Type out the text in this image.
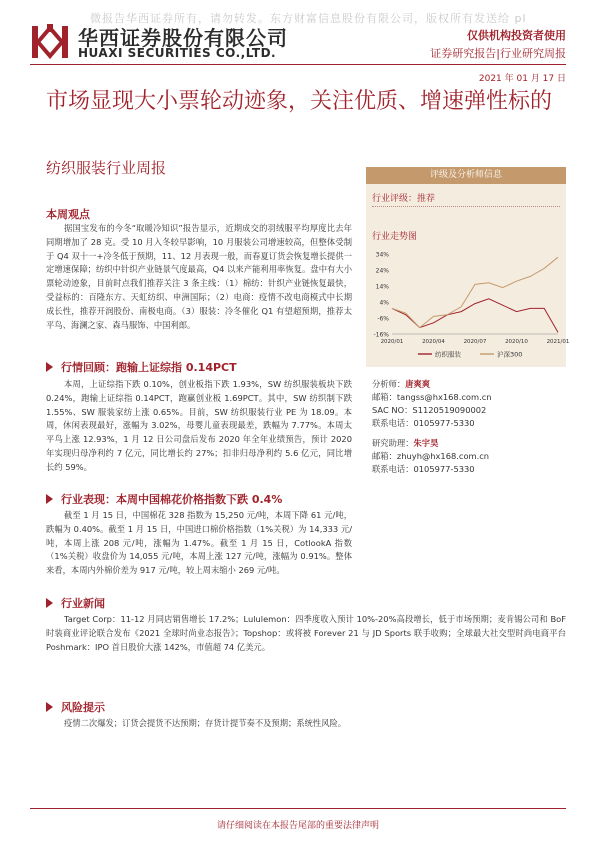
微报告华西证券所有，请勿转发。东方财富信息股份有限公司，版权所有发送给 pl
华西证券股份有限公司
HUAXI SECURITIES CO.,LTD.
仅供机构投资者使用
证券研究报告|行业研究周报
2021 年 01 月 17 日
市场显现大小票轮动迹象，关注优质、增速弹性标的
纺织服装行业周报	评级及分析师信息
行业评级：推荐
行业走势图
34%
24%
14%
4%
-6%
-16%
2020/01	2020/04	2020/07	2020/10	2021/01
纺织服装	沪深300
本周观点

据国宝发布的今冬“取暖冷知识”报告显示，近期成交的羽绒服平均厚度比去年同期增加了 28 克。受 10 月入冬较早影响，10 月服装公司增速较高，但整体受制于 Q4 双十一+冷冬低于预期，11、12 月表现一般，而春夏订货会恢复增长提供一定增速保障；纺织中针织产业链景气度最高，Q4 以来产能利用率恢复。盘中有大小票轮动迹象，目前时点我们推荐关注 3 条主线：（1）棉纺：针织产业链恢复最快，受益标的：百隆东方、天虹纺织、申洲国际；（2）电商：疫情不改电商模式中长期成长性，推荐开润股份、南极电商。（3）服装：冷冬催化 Q1 有望超预期，推荐太平鸟、海澜之家、森马服饰、中国利郎。

行情回顾：跑输上证综指 0.14PCT

本周，上证综指下跌 0.10%，创业板指下跌 1.93%，SW 纺织服装板块下跌 0.24%，跑输上证综指 0.14PCT，跑赢创业板 1.69PCT。其中，SW 纺织制下跌 1.55%、SW 服装家纺上涨 0.65%。目前，SW 纺织服装行业 PE 为 18.09。本周，休闲表现最好，涨幅为 3.02%，母婴儿童表现最差，跌幅为 7.77%。本周太平鸟上涨 12.93%，1 月 12 日公司盘后发布 2020 年全年业绩预告，预计 2020 年实现归母净利约 7 亿元，同比增长约 27%；扣非归母净利约 5.6 亿元，同比增长约 59%。

行业表现：本周中国棉花价格指数下跌 0.4%

截至 1 月 15 日，中国棉花 328 指数为 15,250 元/吨，本周下降 61 元/吨，跌幅为 0.40%。截至 1 月 15 日，中国进口棉价格指数（1%关税）为 14,333 元/吨，本周上涨 208 元/吨，涨幅为 1.47%。截至 1 月 15 日，CotlookA 指数（1%关税）收盘价为 14,055 元/吨，本周上涨 127 元/吨，涨幅为 0.91%。整体来看，本周内外棉价差为 917 元/吨，较上周末缩小 269 元/吨。

行业新闻

Target Corp：11-12 月同店销售增长 17.2%；Lululemon：四季度收入预计 10%-20%高段增长，低于市场预期；麦肯锡公司和 BoF 时装商业评论联合发布《2021 全球时尚业态报告》；Topshop：或将被 Forever 21 与 JD Sports 联手收购；全球最大社交型时尚电商平台 Poshmark：IPO 首日股价大涨 142%，市值超 74 亿美元。

风险提示

疫情二次爆发；订货会提货不达预期；存货计提节奏不及预期；系统性风险。

分析师：唐爽爽
邮箱：tangss@hx168.com.cn
SAC NO：S1120519090002
联系电话：0105977-5330
研究助理：朱宇昊
邮箱：zhuyh@hx168.com.cn
联系电话：0105977-5330
请仔细阅读在本报告尾部的重要法律声明
